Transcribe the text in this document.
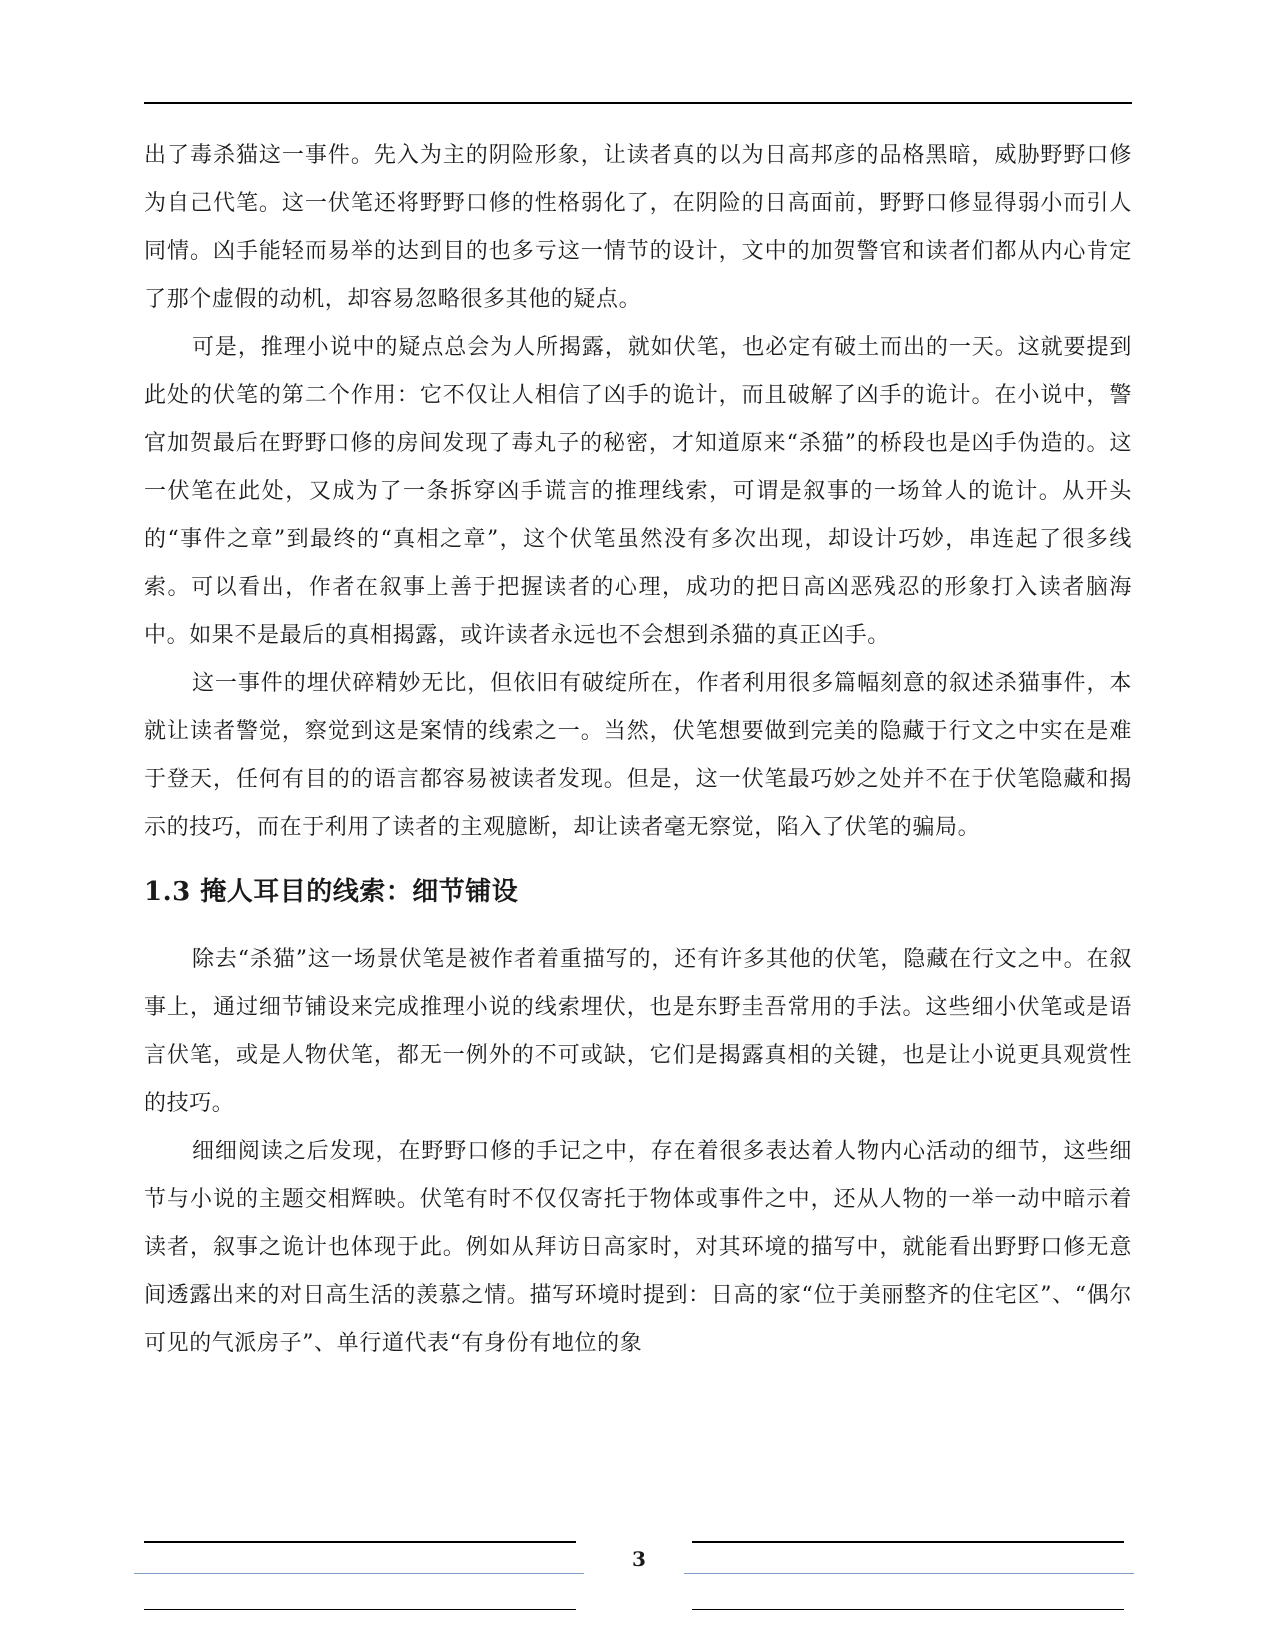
出了毒杀猫这一事件。先入为主的阴险形象，让读者真的以为日高邦彦的品格黑暗，威胁野野口修为自己代笔。这一伏笔还将野野口修的性格弱化了，在阴险的日高面前，野野口修显得弱小而引人同情。凶手能轻而易举的达到目的也多亏这一情节的设计，文中的加贺警官和读者们都从内心肯定了那个虚假的动机，却容易忽略很多其他的疑点。

可是，推理小说中的疑点总会为人所揭露，就如伏笔，也必定有破土而出的一天。这就要提到此处的伏笔的第二个作用：它不仅让人相信了凶手的诡计，而且破解了凶手的诡计。在小说中，警官加贺最后在野野口修的房间发现了毒丸子的秘密，才知道原来“杀猫”的桥段也是凶手伪造的。这一伏笔在此处，又成为了一条拆穿凶手谎言的推理线索，可谓是叙事的一场耸人的诡计。从开头的“事件之章”到最终的“真相之章”，这个伏笔虽然没有多次出现，却设计巧妙，串连起了很多线索。可以看出，作者在叙事上善于把握读者的心理，成功的把日高凶恶残忍的形象打入读者脑海中。如果不是最后的真相揭露，或许读者永远也不会想到杀猫的真正凶手。

这一事件的埋伏碎精妙无比，但依旧有破绽所在，作者利用很多篇幅刻意的叙述杀猫事件，本就让读者警觉，察觉到这是案情的线索之一。当然，伏笔想要做到完美的隐藏于行文之中实在是难于登天，任何有目的的语言都容易被读者发现。但是，这一伏笔最巧妙之处并不在于伏笔隐藏和揭示的技巧，而在于利用了读者的主观臆断，却让读者毫无察觉，陷入了伏笔的骗局。

1.3 掩人耳目的线索：细节铺设

除去“杀猫”这一场景伏笔是被作者着重描写的，还有许多其他的伏笔，隐藏在行文之中。在叙事上，通过细节铺设来完成推理小说的线索埋伏，也是东野圭吾常用的手法。这些细小伏笔或是语言伏笔，或是人物伏笔，都无一例外的不可或缺，它们是揭露真相的关键，也是让小说更具观赏性的技巧。

细细阅读之后发现，在野野口修的手记之中，存在着很多表达着人物内心活动的细节，这些细节与小说的主题交相辉映。伏笔有时不仅仅寄托于物体或事件之中，还从人物的一举一动中暗示着读者，叙事之诡计也体现于此。例如从拜访日高家时，对其环境的描写中，就能看出野野口修无意间透露出来的对日高生活的羡慕之情。描写环境时提到：日高的家“位于美丽整齐的住宅区”、“偶尔可见的气派房子”、单行道代表“有身份有地位的象

3
